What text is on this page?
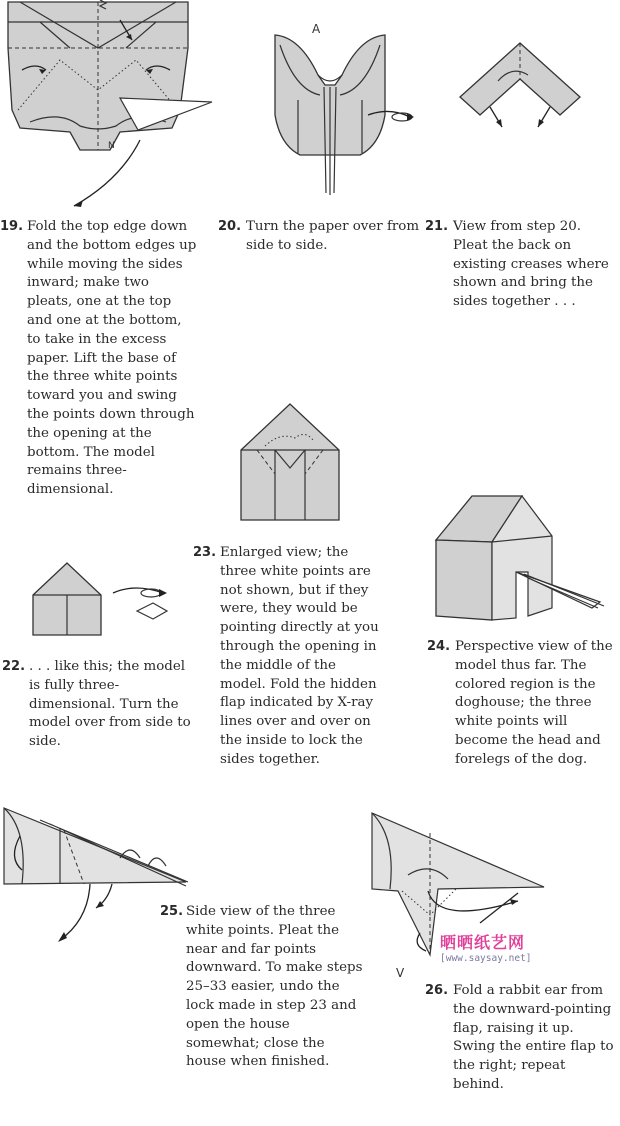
N
A
V
19. Fold the top edge down and the bottom edges up while moving the sides inward; make two pleats, one at the top and one at the bottom, to take in the excess paper. Lift the base of the three white points toward you and swing the points down through the opening at the bottom. The model remains three-dimensional.
20. Turn the paper over from side to side.
21. View from step 20. Pleat the back on existing creases where shown and bring the sides together . . .
22. . . . like this; the model is fully three-dimensional. Turn the model over from side to side.
23. Enlarged view; the three white points are not shown, but if they were, they would be pointing directly at you through the opening in the middle of the model. Fold the hidden flap indicated by X-ray lines over and over on the inside to lock the sides together.
24. Perspective view of the model thus far. The colored region is the doghouse; the three white points will become the head and forelegs of the dog.
25. Side view of the three white points. Pleat the near and far points downward. To make steps 25–33 easier, undo the lock made in step 23 and open the house somewhat; close the house when finished.
26. Fold a rabbit ear from the downward-pointing flap, raising it up. Swing the entire flap to the right; repeat behind.
晒晒纸艺网
[www.saysay.net]
